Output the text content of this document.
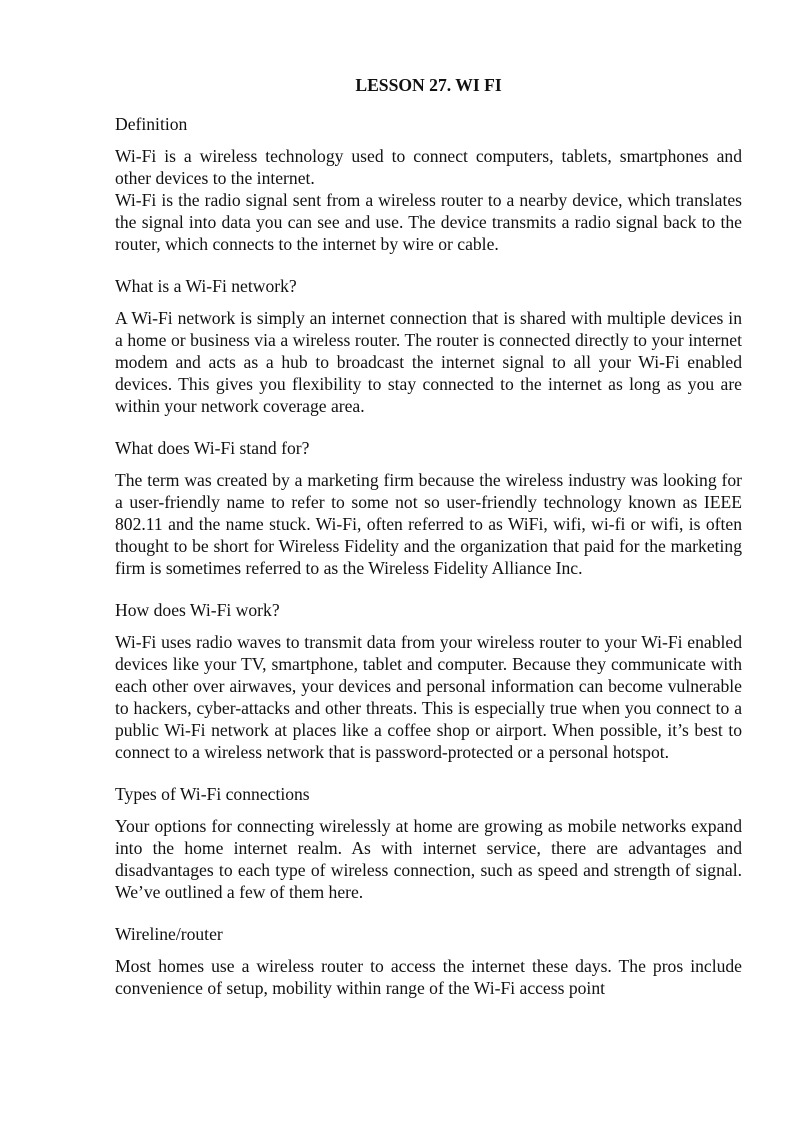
LESSON 27. WI FI
Definition

Wi-Fi is a wireless technology used to connect computers, tablets, smartphones and other devices to the internet.

Wi-Fi is the radio signal sent from a wireless router to a nearby device, which translates the signal into data you can see and use. The device transmits a radio signal back to the router, which connects to the internet by wire or cable.

What is a Wi-Fi network?

A Wi-Fi network is simply an internet connection that is shared with multiple devices in a home or business via a wireless router. The router is connected directly to your internet modem and acts as a hub to broadcast the internet signal to all your Wi-Fi enabled devices. This gives you flexibility to stay connected to the internet as long as you are within your network coverage area.

What does Wi-Fi stand for?

The term was created by a marketing firm because the wireless industry was looking for a user-friendly name to refer to some not so user-friendly technology known as IEEE 802.11 and the name stuck. Wi-Fi, often referred to as WiFi, wifi, wi-fi or wifi, is often thought to be short for Wireless Fidelity and the organization that paid for the marketing firm is sometimes referred to as the Wireless Fidelity Alliance Inc.

How does Wi-Fi work?

Wi-Fi uses radio waves to transmit data from your wireless router to your Wi-Fi enabled devices like your TV, smartphone, tablet and computer. Because they communicate with each other over airwaves, your devices and personal information can become vulnerable to hackers, cyber-attacks and other threats. This is especially true when you connect to a public Wi-Fi network at places like a coffee shop or airport. When possible, it’s best to connect to a wireless network that is password-protected or a personal hotspot.

Types of Wi-Fi connections

Your options for connecting wirelessly at home are growing as mobile networks expand into the home internet realm. As with internet service, there are advantages and disadvantages to each type of wireless connection, such as speed and strength of signal. We’ve outlined a few of them here.

Wireline/router

Most homes use a wireless router to access the internet these days. The pros include convenience of setup, mobility within range of the Wi-Fi access point
